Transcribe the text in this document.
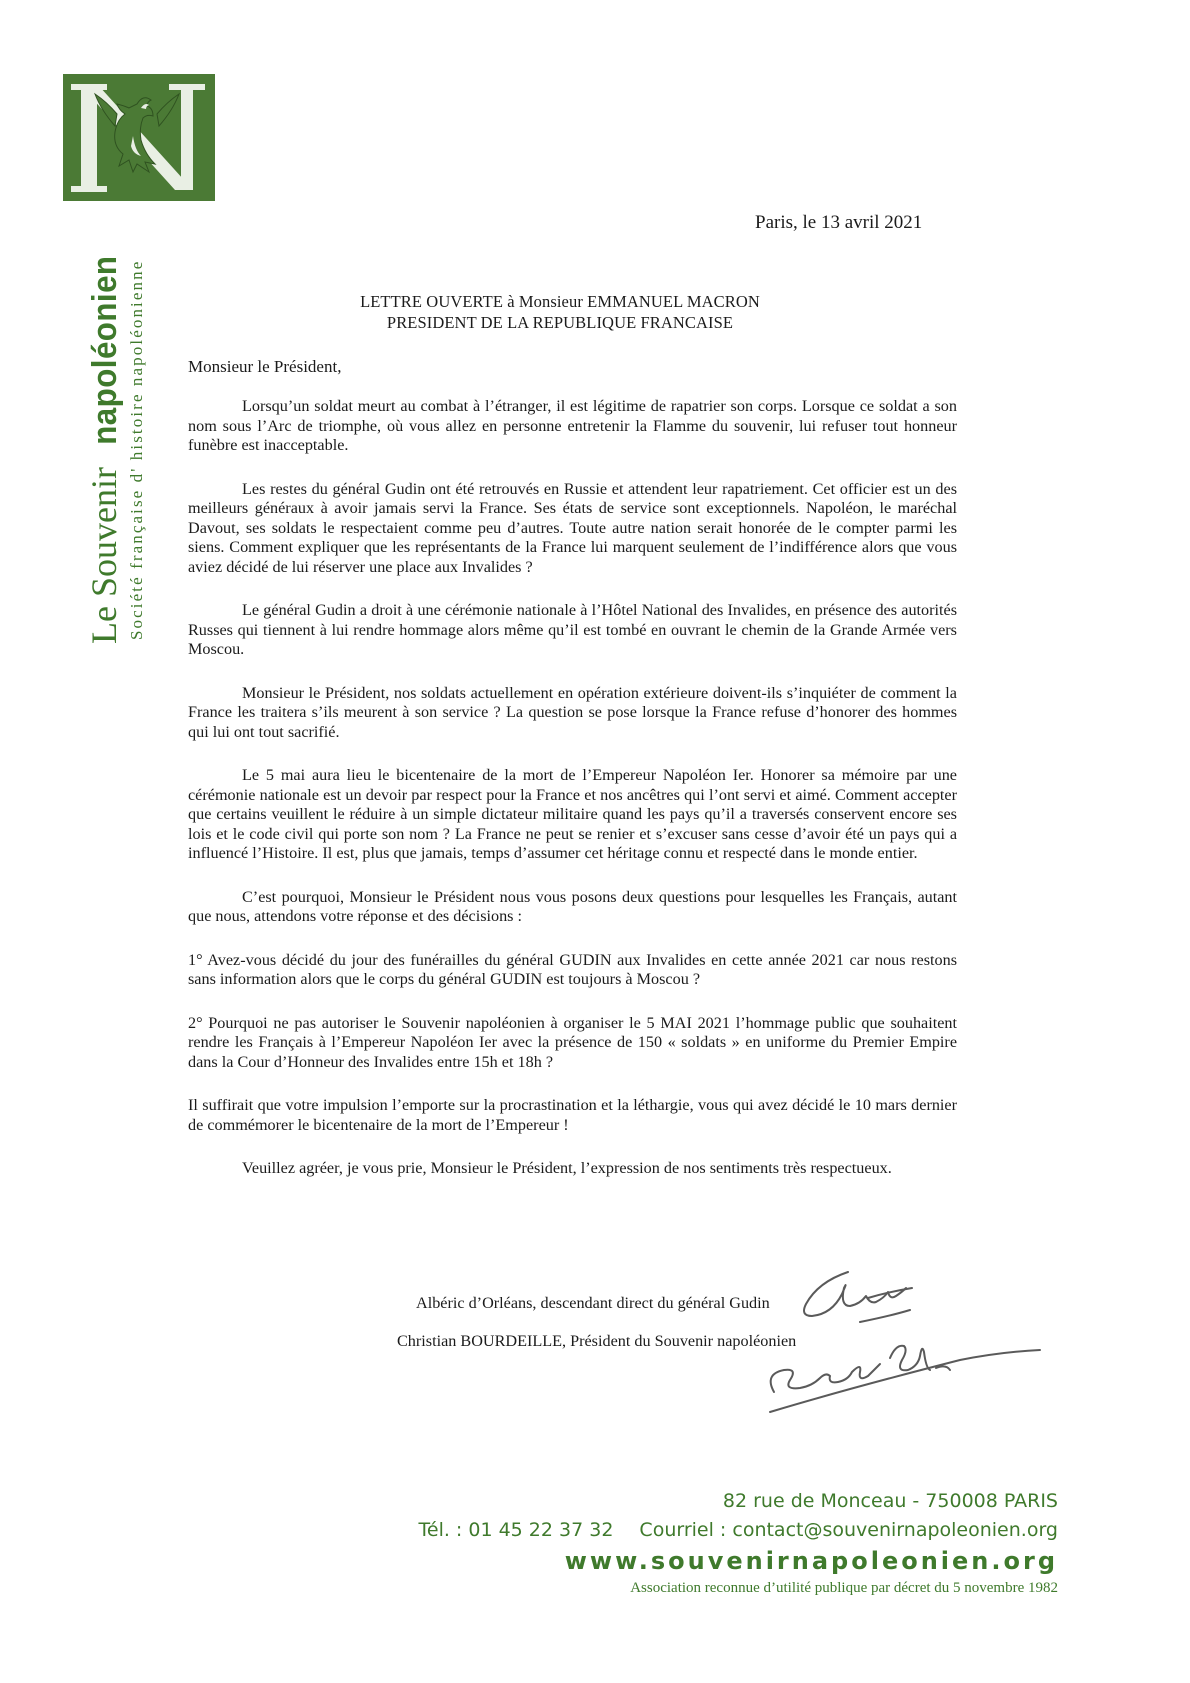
Le Souvenirnapoléonien Société française d' histoire napoléonienne
Paris, le 13 avril 2021
LETTRE OUVERTE à Monsieur EMMANUEL MACRON
PRESIDENT DE LA REPUBLIQUE FRANCAISE
Monsieur le Président,

Lorsqu’un soldat meurt au combat à l’étranger, il est légitime de rapatrier son corps. Lorsque ce soldat a son nom sous l’Arc de triomphe, où vous allez en personne entretenir la Flamme du souvenir, lui refuser tout honneur funèbre est inacceptable.

Les restes du général Gudin ont été retrouvés en Russie et attendent leur rapatriement. Cet officier est un des meilleurs généraux à avoir jamais servi la France. Ses états de service sont exceptionnels. Napoléon, le maréchal Davout, ses soldats le respectaient comme peu d’autres. Toute autre nation serait honorée de le compter parmi les siens. Comment expliquer que les représentants de la France lui marquent seulement de l’indifférence alors que vous aviez décidé de lui réserver une place aux Invalides ?

Le général Gudin a droit à une cérémonie nationale à l’Hôtel National des Invalides, en présence des autorités Russes qui tiennent à lui rendre hommage alors même qu’il est tombé en ouvrant le chemin de la Grande Armée vers Moscou.

Monsieur le Président, nos soldats actuellement en opération extérieure doivent-ils s’inquiéter de comment la France les traitera s’ils meurent à son service ? La question se pose lorsque la France refuse d’honorer des hommes qui lui ont tout sacrifié.

Le 5 mai aura lieu le bicentenaire de la mort de l’Empereur Napoléon Ier. Honorer sa mémoire par une cérémonie nationale est un devoir par respect pour la France et nos ancêtres qui l’ont servi et aimé. Comment accepter que certains veuillent le réduire à un simple dictateur militaire quand les pays qu’il a traversés conservent encore ses lois et le code civil qui porte son nom ? La France ne peut se renier et s’excuser sans cesse d’avoir été un pays qui a influencé l’Histoire. Il est, plus que jamais, temps d’assumer cet héritage connu et respecté dans le monde entier.

C’est pourquoi, Monsieur le Président nous vous posons deux questions pour lesquelles les Français, autant que nous, attendons votre réponse et des décisions :

1° Avez-vous décidé du jour des funérailles du général GUDIN aux Invalides en cette année 2021 car nous restons sans information alors que le corps du général GUDIN est toujours à Moscou ?

2° Pourquoi ne pas autoriser le Souvenir napoléonien à organiser le 5 MAI 2021 l’hommage public que souhaitent rendre les Français à l’Empereur Napoléon Ier avec la présence de 150 « soldats » en uniforme du Premier Empire dans la Cour d’Honneur des Invalides entre 15h et 18h ?

Il suffirait que votre impulsion l’emporte sur la procrastination et la léthargie, vous qui avez décidé le 10 mars dernier de commémorer le bicentenaire de la mort de l’Empereur !

Veuillez agréer, je vous prie, Monsieur le Président, l’expression de nos sentiments très respectueux.

Albéric d’Orléans, descendant direct du général Gudin
Christian BOURDEILLE, Président du Souvenir napoléonien
82 rue de Monceau - 750008 PARIS
Tél. : 01 45 22 37 32 Courriel : contact@souvenirnapoleonien.org
www.souvenirnapoleonien.org
Association reconnue d’utilité publique par décret du 5 novembre 1982
